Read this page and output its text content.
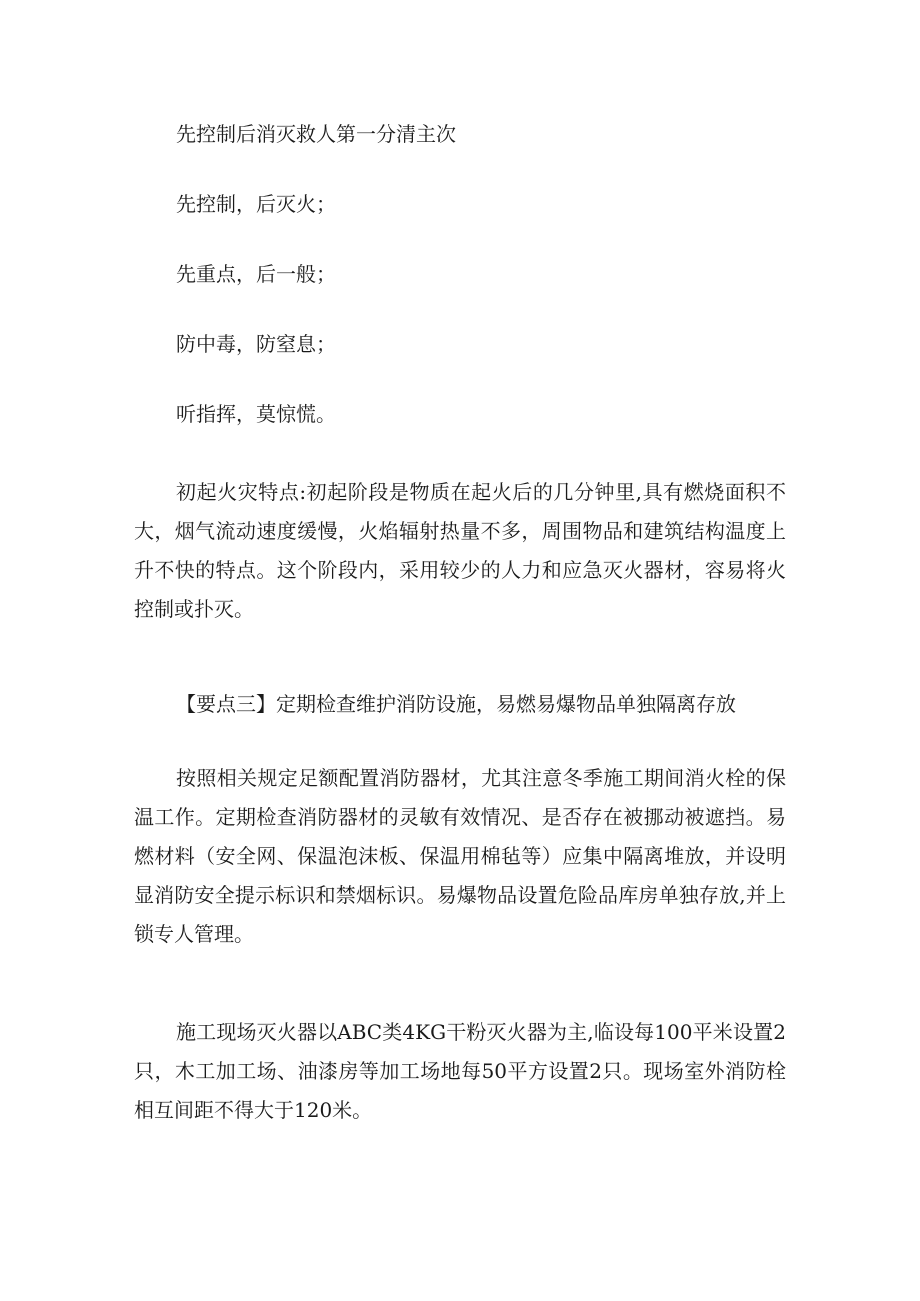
先控制后消灭救人第一分清主次

先控制，后灭火；

先重点，后一般；

防中毒，防窒息；

听指挥，莫惊慌。

初起火灾特点:初起阶段是物质在起火后的几分钟里,具有燃烧面积不大，烟气流动速度缓慢，火焰辐射热量不多，周围物品和建筑结构温度上升不快的特点。这个阶段内，采用较少的人力和应急灭火器材，容易将火控制或扑灭。

【要点三】定期检查维护消防设施，易燃易爆物品单独隔离存放

按照相关规定足额配置消防器材，尤其注意冬季施工期间消火栓的保温工作。定期检查消防器材的灵敏有效情况、是否存在被挪动被遮挡。易燃材料（安全网、保温泡沫板、保温用棉毡等）应集中隔离堆放，并设明显消防安全提示标识和禁烟标识。易爆物品设置危险品库房单独存放,并上锁专人管理。

施工现场灭火器以ABC类4KG干粉灭火器为主,临设每100平米设置2只，木工加工场、油漆房等加工场地每50平方设置2只。现场室外消防栓相互间距不得大于120米。
